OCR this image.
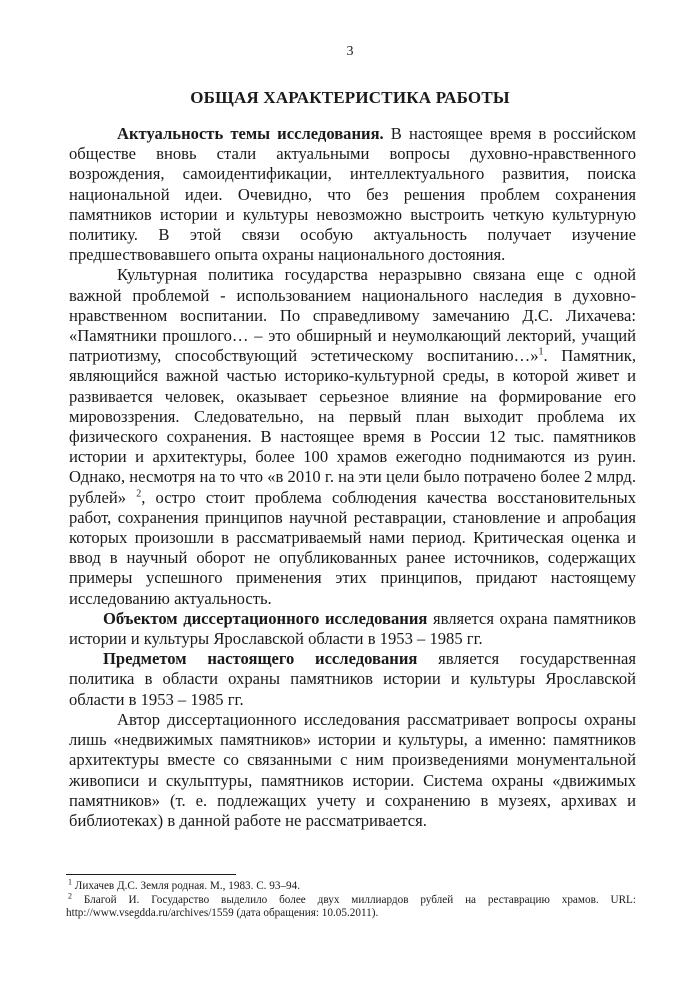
3
ОБЩАЯ ХАРАКТЕРИСТИКА РАБОТЫ

Актуальность темы исследования. В настоящее время в российском обществе вновь стали актуальными вопросы духовно-нравственного возрождения, самоидентификации, интеллектуального развития, поиска национальной идеи. Очевидно, что без решения проблем сохранения памятников истории и культуры невозможно выстроить четкую культурную политику. В этой связи особую актуальность получает изучение предшествовавшего опыта охраны национального достояния.

Культурная политика государства неразрывно связана еще с одной важной проблемой - использованием национального наследия в духовно-нравственном воспитании. По справедливому замечанию Д.С. Лихачева: «Памятники прошлого… – это обширный и неумолкающий лекторий, учащий патриотизму, способствующий эстетическому воспитанию…»$^1$. Памятник, являющийся важной частью историко-культурной среды, в которой живет и развивается человек, оказывает серьезное влияние на формирование его мировоззрения. Следовательно, на первый план выходит проблема их физического сохранения. В настоящее время в России 12 тыс. памятников истории и архитектуры, более 100 храмов ежегодно поднимаются из руин. Однако, несмотря на то что «в 2010 г. на эти цели было потрачено более 2 млрд. рублей» $^2$, остро стоит проблема соблюдения качества восстановительных работ, сохранения принципов научной реставрации, становление и апробация которых произошли в рассматриваемый нами период. Критическая оценка и ввод в научный оборот не опубликованных ранее источников, содержащих примеры успешного применения этих принципов, придают настоящему исследованию актуальность.

Объектом диссертационного исследования является охрана памятников истории и культуры Ярославской области в 1953 – 1985 гг.

Предметом настоящего исследования является государственная политика в области охраны памятников истории и культуры Ярославской области в 1953 – 1985 гг.

Автор диссертационного исследования рассматривает вопросы охраны лишь «недвижимых памятников» истории и культуры, а именно: памятников архитектуры вместе со связанными с ним произведениями монументальной живописи и скульптуры, памятников истории. Система охраны «движимых памятников» (т. е. подлежащих учету и сохранению в музеях, архивах и библиотеках) в данной работе не рассматривается.

$^1$ Лихачев Д.С. Земля родная. М., 1983. С. 93–94.

$^2$ Благой И. Государство выделило более двух миллиардов рублей на реставрацию храмов. URL: http://www.vsegdda.ru/archives/1559 (дата обращения: 10.05.2011).
